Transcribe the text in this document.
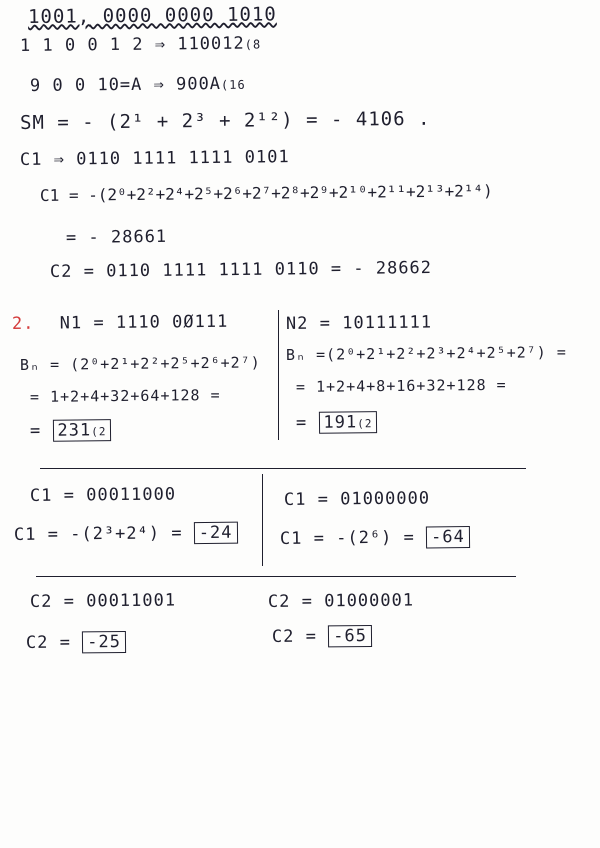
1001, 0000 0000 1010
1 1 0 0 1 2 ⇒ 110012(8
9 0 0 10=A ⇒ 900A(16
SM = - (2¹ + 2³ + 2¹²) = - 4106 .
C1 ⇒ 0110 1111 1111 0101
C1 = -(2⁰+2²+2⁴+2⁵+2⁶+2⁷+2⁸+2⁹+2¹⁰+2¹¹+2¹³+2¹⁴)
= - 28661
C2 = 0110 1111 1111 0110 = - 28662
2. N1 = 1110 0Ø111
Bₙ = (2⁰+2¹+2²+2⁵+2⁶+2⁷)
= 1+2+4+32+64+128 =
= 231(2
N2 = 10111111
Bₙ =(2⁰+2¹+2²+2³+2⁴+2⁵+2⁷) =
= 1+2+4+8+16+32+128 =
= 191(2
C1 = 00011000
C1 = -(2³+2⁴) = -24
C1 = 01000000
C1 = -(2⁶) = -64
C2 = 00011001
C2 = -25
C2 = 01000001
C2 = -65
